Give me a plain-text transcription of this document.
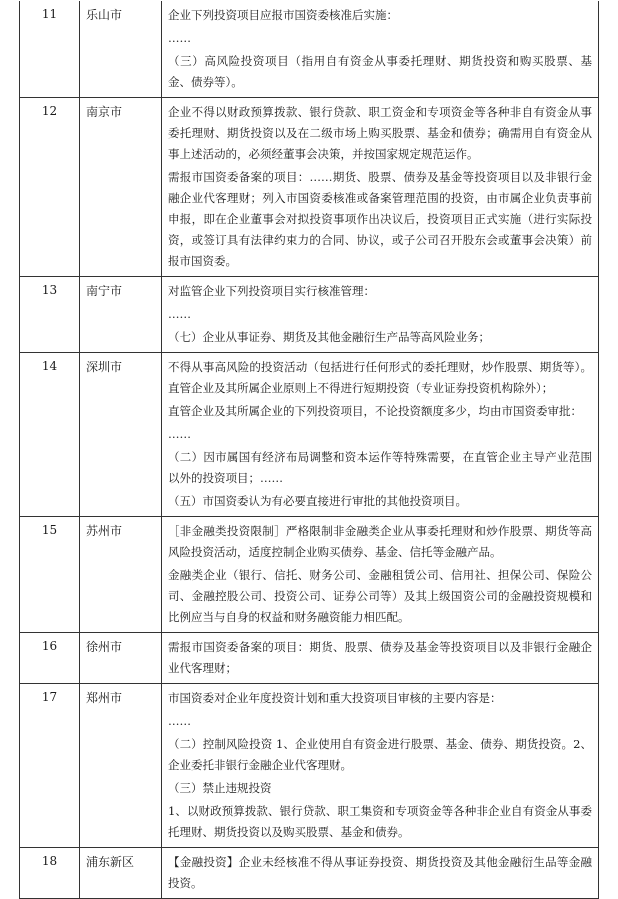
11	乐山市	企业下列投资项目应报市国资委核准后实施：

……

（三）高风险投资项目（指用自有资金从事委托理财、期货投资和购买股票、基金、债券等）。

12	南京市	企业不得以财政预算拨款、银行贷款、职工资金和专项资金等各种非自有资金从事委托理财、期货投资以及在二级市场上购买股票、基金和债券；确需用自有资金从事上述活动的，必须经董事会决策，并按国家规定规范运作。

需报市国资委备案的项目：……期货、股票、债券及基金等投资项目以及非银行金融企业代客理财；列入市国资委核准或备案管理范围的投资，由市属企业负责事前申报，即在企业董事会对拟投资事项作出决议后，投资项目正式实施（进行实际投资，或签订具有法律约束力的合同、协议，或子公司召开股东会或董事会决策）前报市国资委。

13	南宁市	对监管企业下列投资项目实行核准管理：

……

（七）企业从事证券、期货及其他金融衍生产品等高风险业务；

14	深圳市	不得从事高风险的投资活动（包括进行任何形式的委托理财，炒作股票、期货等）。直管企业及其所属企业原则上不得进行短期投资（专业证券投资机构除外）；

直管企业及其所属企业的下列投资项目，不论投资额度多少，均由市国资委审批：

……

（二）因市属国有经济布局调整和资本运作等特殊需要，在直管企业主导产业范围以外的投资项目；……

（五）市国资委认为有必要直接进行审批的其他投资项目。

15	苏州市	［非金融类投资限制］严格限制非金融类企业从事委托理财和炒作股票、期货等高风险投资活动，适度控制企业购买债券、基金、信托等金融产品。

金融类企业（银行、信托、财务公司、金融租赁公司、信用社、担保公司、保险公司、金融控股公司、投资公司、证券公司等）及其上级国资公司的金融投资规模和比例应当与自身的权益和财务融资能力相匹配。

16	徐州市	需报市国资委备案的项目：期货、股票、债券及基金等投资项目以及非银行金融企业代客理财；

17	郑州市	市国资委对企业年度投资计划和重大投资项目审核的主要内容是：

……

（二）控制风险投资 1、企业使用自有资金进行股票、基金、债券、期货投资。2、企业委托非银行金融企业代客理财。

（三）禁止违规投资

1、以财政预算拨款、银行贷款、职工集资和专项资金等各种非企业自有资金从事委托理财、期货投资以及购买股票、基金和债券。

18	浦东新区	【金融投资】企业未经核准不得从事证券投资、期货投资及其他金融衍生品等金融投资。
